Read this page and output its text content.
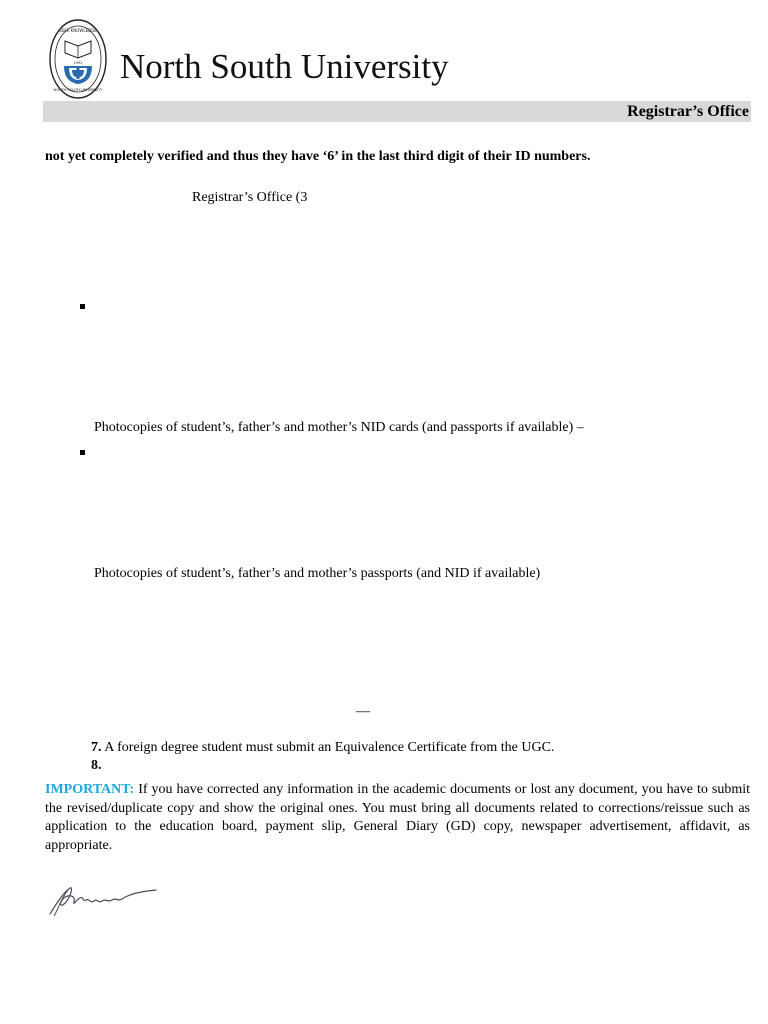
SEEK KNOWLEDGE
NORTH SOUTH UNIVERSITY
1992 North South University
Registrar’s Office
not yet completely verified and thus they have ‘6’ in the last third digit of their ID numbers.
Registrar’s Office (3
Photocopies of student’s, father’s and mother’s NID cards (and passports if available) –
Photocopies of student’s, father’s and mother’s passports (and NID if available)
—
7. A foreign degree student must submit an Equivalence Certificate from the UGC.
8.
IMPORTANT: If you have corrected any information in the academic documents or lost any document, you have to submit the revised/duplicate copy and show the original ones. You must bring all documents related to corrections/reissue such as application to the education board, payment slip, General Diary (GD) copy, newspaper advertisement, affidavit, as appropriate.
